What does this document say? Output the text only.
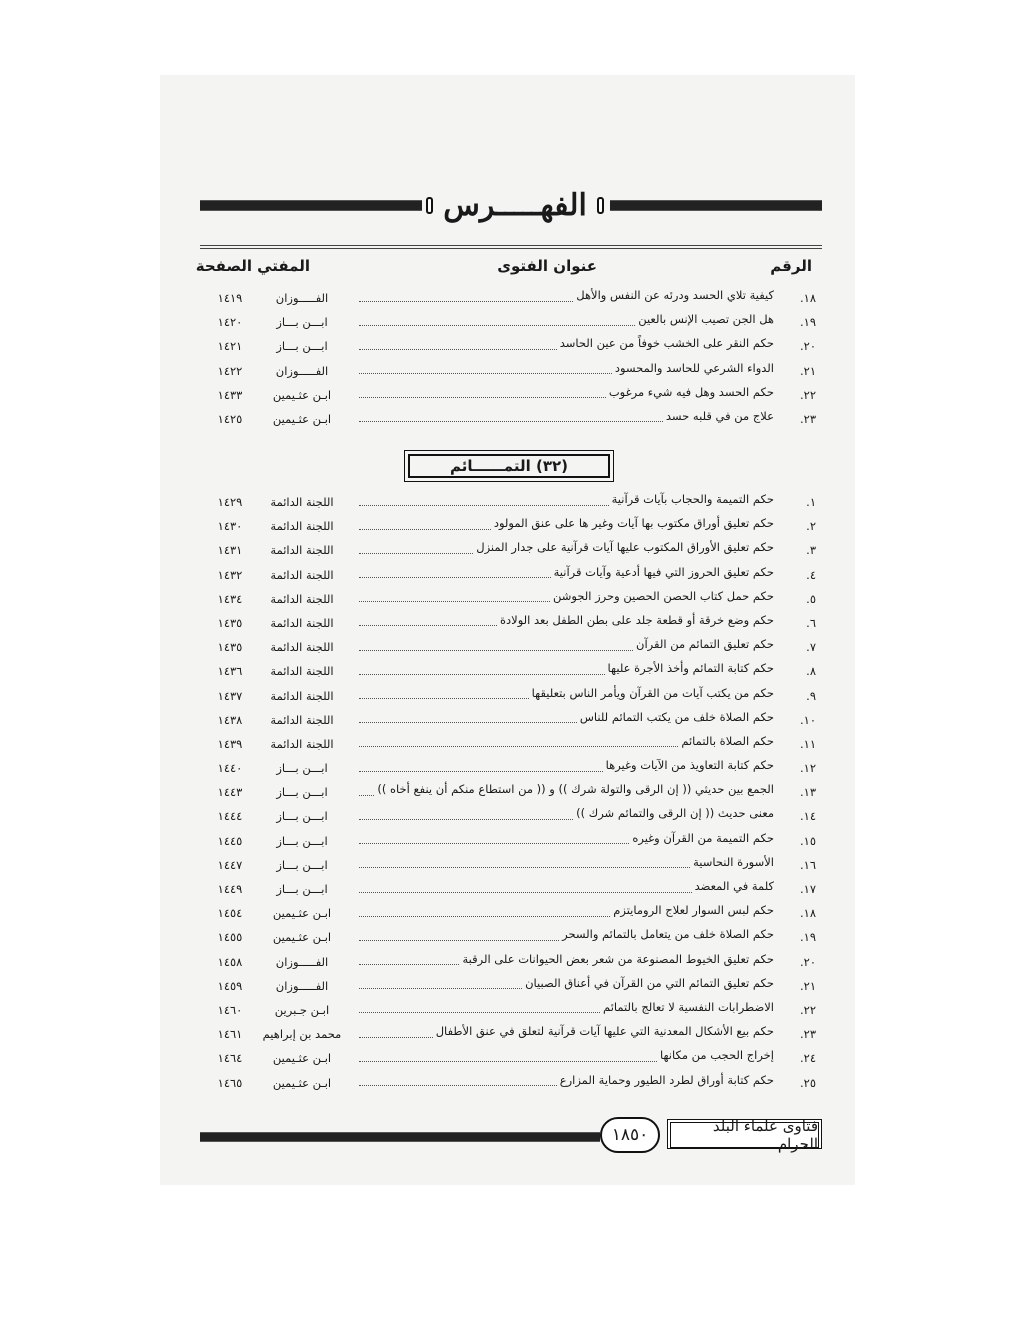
الفهـــــرس
الرقم
عنوان الفتوى
المفتي
الصفحة
١٨.
كيفية تلاي الحسد ودرئه عن النفس والأهل
الفـــــوزان
١٤١٩
١٩.
هل الجن تصيب الإنس بالعين
ابـــن بـــاز
١٤٢٠
٢٠.
حكم النقر على الخشب خوفاً من عين الحاسد
ابـــن بـــاز
١٤٢١
٢١.
الدواء الشرعي للحاسد والمحسود
الفـــــوزان
١٤٢٢
٢٢.
حكم الحسد وهل فيه شيء مرغوب
ابـن عثـيمين
١٤٣٣
٢٣.
علاج من في قلبه حسد
ابـن عثـيمين
١٤٢٥
(٣٢) التمــــــائم
١.
حكم التميمة والحجاب بآيات قرآنية
اللجنة الدائمة
١٤٢٩
٢.
حكم تعليق أوراق مكتوب بها آيات وغير ها على عنق المولود
اللجنة الدائمة
١٤٣٠
٣.
حكم تعليق الأوراق المكتوب عليها آيات قرآنية على جدار المنزل
اللجنة الدائمة
١٤٣١
٤.
حكم تعليق الحروز التي فيها أدعية وآيات قرآنية
اللجنة الدائمة
١٤٣٢
٥.
حكم حمل كتاب الحصن الحصين وحرز الجوشن
اللجنة الدائمة
١٤٣٤
٦.
حكم وضع خرقة أو قطعة جلد على بطن الطفل بعد الولادة
اللجنة الدائمة
١٤٣٥
٧.
حكم تعليق التمائم من القرآن
اللجنة الدائمة
١٤٣٥
٨.
حكم كتابة التمائم وأخذ الأجرة عليها
اللجنة الدائمة
١٤٣٦
٩.
حكم من يكتب آيات من القرآن ويأمر الناس بتعليقها
اللجنة الدائمة
١٤٣٧
١٠.
حكم الصلاة خلف من يكتب التمائم للناس
اللجنة الدائمة
١٤٣٨
١١.
حكم الصلاة بالتمائم
اللجنة الدائمة
١٤٣٩
١٢.
حكم كتابة التعاويذ من الآيات وغيرها
ابـــن بـــاز
١٤٤٠
١٣.
الجمع بين حديثي (( إن الرقى والتولة شرك )) و (( من استطاع منكم أن ينفع أخاه ))
ابـــن بـــاز
١٤٤٣
١٤.
معنى حديث (( إن الرقى والتمائم شرك ))
ابـــن بـــاز
١٤٤٤
١٥.
حكم التميمة من القرآن وغيره
ابـــن بـــاز
١٤٤٥
١٦.
الأسورة النحاسية
ابـــن بـــاز
١٤٤٧
١٧.
كلمة في المعضد
ابـــن بـــاز
١٤٤٩
١٨.
حكم لبس السوار لعلاج الرومايتزم
ابـن عثـيمين
١٤٥٤
١٩.
حكم الصلاة خلف من يتعامل بالتمائم والسحر
ابـن عثـيمين
١٤٥٥
٢٠.
حكم تعليق الخيوط المصنوعة من شعر بعض الحيوانات على الرقبة
الفـــــوزان
١٤٥٨
٢١.
حكم تعليق التمائم التي من القرآن في أعناق الصبيان
الفـــــوزان
١٤٥٩
٢٢.
الاضطرابات النفسية لا تعالج بالتمائم
ابـن جـبرين
١٤٦٠
٢٣.
حكم بيع الأشكال المعدنية التي عليها آيات قرآنية لتعلق في عنق الأطفال
محمد بن إبراهيم
١٤٦١
٢٤.
إخراج الحجب من مكانها
ابـن عثـيمين
١٤٦٤
٢٥.
حكم كتابة أوراق لطرد الطيور وحماية المزارع
ابـن عثـيمين
١٤٦٥
١٨٥٠	فتاوى علماء البلد الحرام
